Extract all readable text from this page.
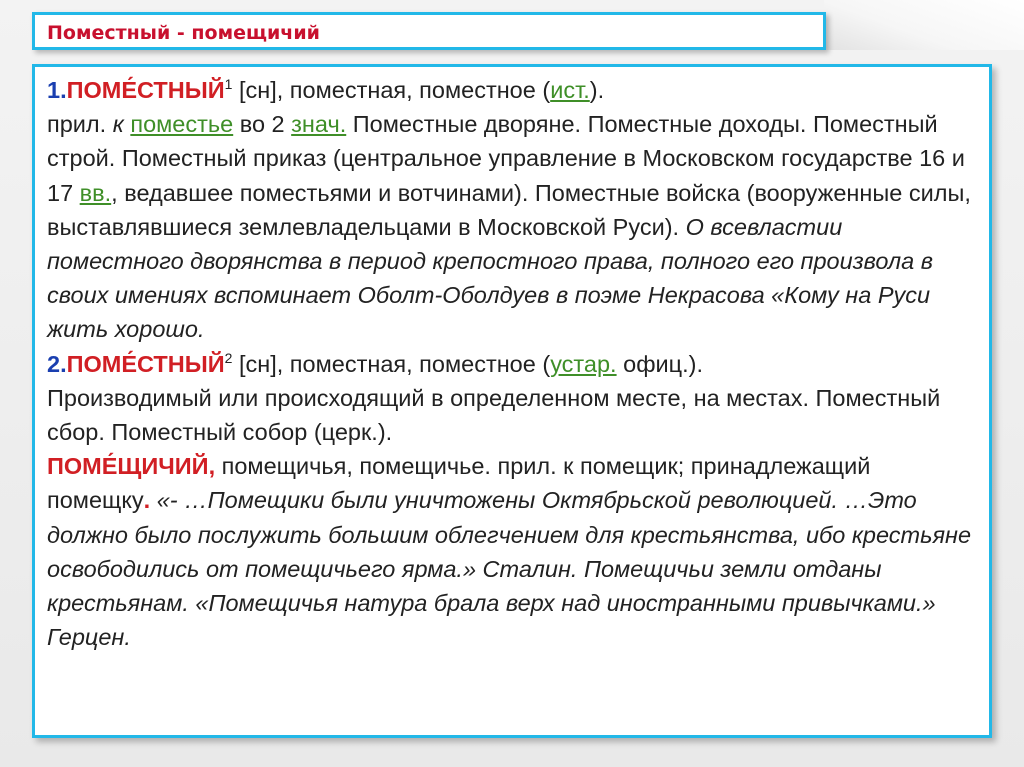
Поместный - помещичий

1.ПОМЕ́СТНЫЙ$^1$ [сн], поместная, поместное (ист.).
прил. к поместье во 2 знач. Поместные дворяне. Поместные доходы. Поместный строй. Поместный приказ (центральное управление в Московском государстве 16 и 17 вв., ведавшее поместьями и вотчинами). Поместные войска (вооруженные силы, выставлявшиеся землевладельцами в Московской Руси). О всевластии поместного дворянства в период крепостного права, полного его произвола в своих имениях вспоминает Оболт-Оболдуев в поэме Некрасова «Кому на Руси жить хорошо.

2.ПОМЕ́СТНЫЙ$^2$ [сн], поместная, поместное (устар. офиц.).
Производимый или происходящий в определенном месте, на местах. Поместный сбор. Поместный собор (церк.).

ПОМЕ́ЩИЧИЙ, помещичья, помещичье. прил. к помещик; принадлежащий помещку. «- …Помещики были уничтожены Октябрьской революцией. …Это должно было послужить большим облегчением для крестьянства, ибо крестьяне освободились от помещичьего ярма.» Сталин. Помещичьи земли отданы крестьянам. «Помещичья натура брала верх над иностранными привычками.» Герцен.
